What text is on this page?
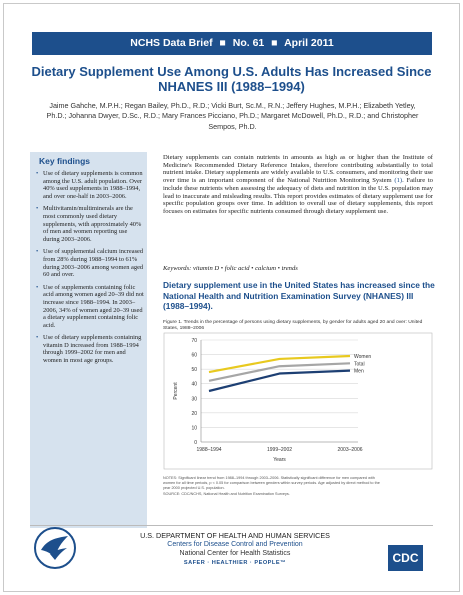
NCHS Data Brief ■ No. 61 ■ April 2011
Dietary Supplement Use Among U.S. Adults Has Increased Since NHANES III (1988–1994)
Jaime Gahche, M.P.H.; Regan Bailey, Ph.D., R.D.; Vicki Burt, Sc.M., R.N.; Jeffery Hughes, M.P.H.; Elizabeth Yetley, Ph.D.; Johanna Dwyer, D.Sc., R.D.; Mary Frances Picciano, Ph.D.; Margaret McDowell, Ph.D., R.D.; and Christopher Sempos, Ph.D.
Key findings
• Use of dietary supplements is common among the U.S. adult population. Over 40% used supplements in 1988–1994, and over one-half in 2003–2006.
• Multivitamin/multiminerals are the most commonly used dietary supplements, with approximately 40% of men and women reporting use during 2003–2006.
• Use of supplemental calcium increased from 28% during 1988–1994 to 61% during 2003–2006 among women aged 60 and over.
• Use of supplements containing folic acid among women aged 20–39 did not increase since 1988–1994. In 2003–2006, 34% of women aged 20–39 used a dietary supplement containing folic acid.
• Use of dietary supplements containing vitamin D increased from 1988–1994 through 1999–2002 for men and women in most age groups.
Dietary supplements can contain nutrients in amounts as high as or higher than the Institute of Medicine's Recommended Dietary Reference Intakes, therefore contributing substantially to total nutrient intake. Dietary supplements are widely available to U.S. consumers, and monitoring their use over time is an important component of the National Nutrition Monitoring System (1). Failure to include these nutrients when assessing the adequacy of diets and nutrition in the U.S. population may lead to inaccurate and misleading results. This report provides estimates of dietary supplement use for specific population groups over time. In addition to overall use of dietary supplements, this report focuses on estimates for specific nutrients consumed through dietary supplement use.
Keywords: vitamin D • folic acid • calcium • trends
Dietary supplement use in the United States has increased since the National Health and Nutrition Examination Survey (NHANES) III (1988–1994).
Figure 1. Trends in the percentage of persons using dietary supplements, by gender for adults aged 20 and over: United States, 1988–2006
0
10
20
30
40
50
60
70
1988–1994	1999–2002	2003–2006
Years
Percent
Women
Total
Men
NOTES: Significant linear trend from 1988–1994 through 2003–2006. Statistically significant difference for men compared with
women for all time periods, p < 0.05 for comparison between genders within survey periods. Age adjusted by direct method to the
year 2000 projected U.S. population.
SOURCE: CDC/NCHS, National Health and Nutrition Examination Surveys.
U.S. DEPARTMENT OF HEALTH AND HUMAN SERVICES
Centers for Disease Control and Prevention
National Center for Health Statistics
SAFER · HEALTHIER · PEOPLE™	CDC
